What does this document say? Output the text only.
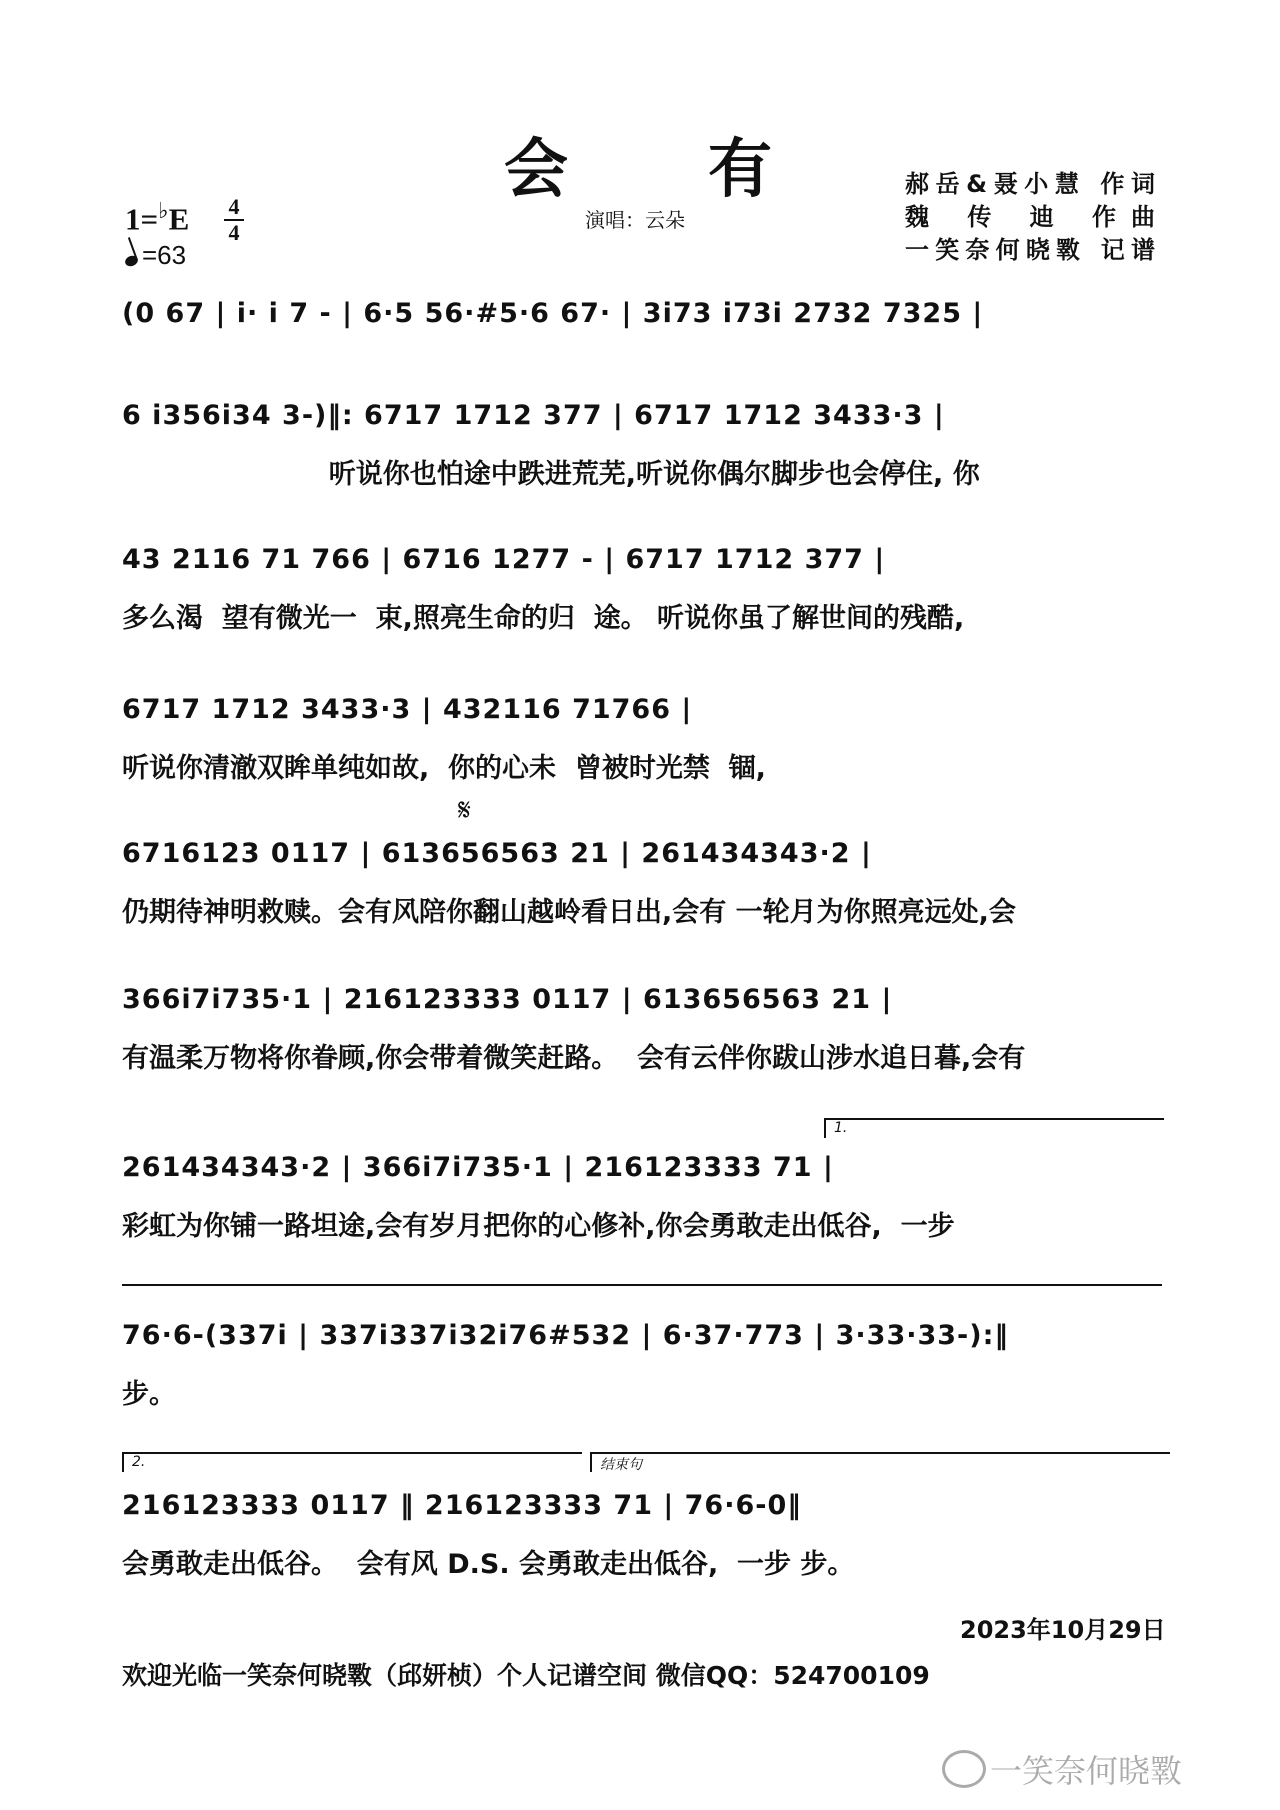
会 有
1=♭E 4
4
=63
演唱：云朵
郝岳&聂小慧 作词
魏 传 迪 作曲
一笑奈何晓斁 记谱
(0 67 | i· i 7 - | 6·5 56·#5·6 67· | 3i73 i73i 2732 7325 |
6 i356i34 3-)‖: 6717 1712 377 | 6717 1712 3433·3 |
听说你也怕途中跌进荒芜,听说你偶尔脚步也会停住, 你
43 2116 71 766 | 6716 1277 - | 6717 1712 377 |
多么渴  望有微光一  束,照亮生命的归  途。 听说你虽了解世间的残酷,
6717 1712 3433·3 | 432116 71766 |
听说你清澈双眸单纯如故,  你的心未  曾被时光禁  锢,
𝄋
6716123 0117 | 613656563 21 | 261434343·2 |
仍期待神明救赎。会有风陪你翻山越岭看日出,会有 一轮月为你照亮远处,会
366i7i735·1 | 216123333 0117 | 613656563 21 |
有温柔万物将你眷顾,你会带着微笑赶路。  会有云伴你跋山涉水追日暮,会有
1.
261434343·2 | 366i7i735·1 | 216123333 71 |
彩虹为你铺一路坦途,会有岁月把你的心修补,你会勇敢走出低谷,  一步
76·6-(337i | 337i337i32i76#532 | 6·37·773 | 3·33·33-):‖
步。
2.	结束句
216123333 0117 ‖ 216123333 71 | 76·6-0‖
会勇敢走出低谷。  会有风 D.S. 会勇敢走出低谷,  一步 步。
2023年10月29日
欢迎光临一笑奈何晓斁（邱妍桢）个人记谱空间 微信QQ：524700109
一笑奈何晓斁
